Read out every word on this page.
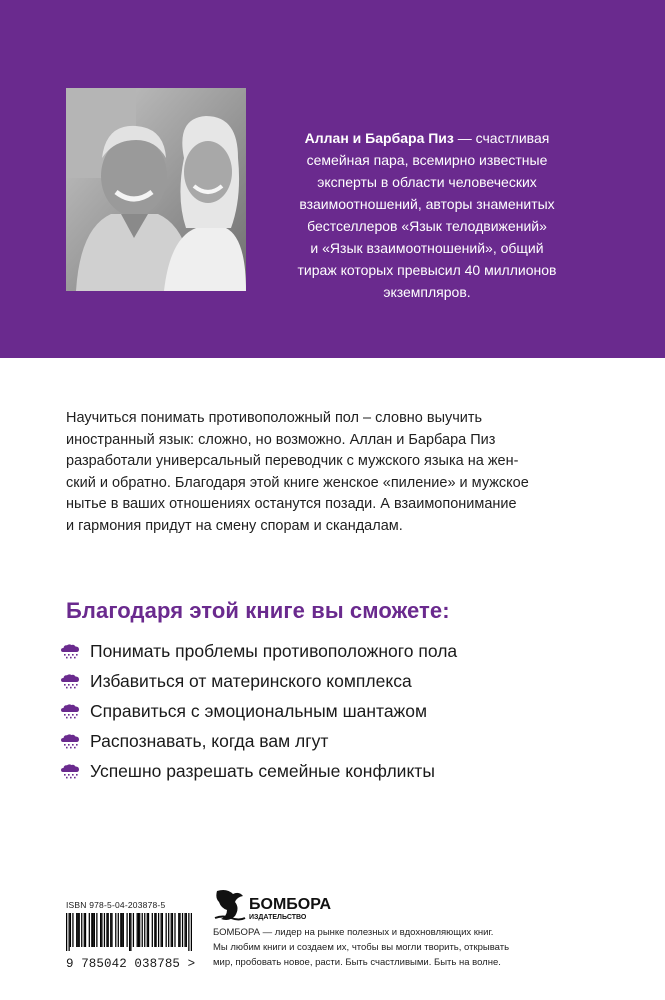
Аллан и Барбара Пиз — счастливая
семейная пара, всемирно известные
эксперты в области человеческих
взаимоотношений, авторы знаменитых
бестселлеров «Язык телодвижений»
и «Язык взаимоотношений», общий
тираж которых превысил 40 миллионов
экземпляров.

Научиться понимать противоположный пол – словно выучить
иностранный язык: сложно, но возможно. Аллан и Барбара Пиз
разработали универсальный переводчик с мужского языка на жен-
ский и обратно. Благодаря этой книге женское «пиление» и мужское
нытье в ваших отношениях останутся позади. А взаимопонимание
и гармония придут на смену спорам и скандалам.

Благодаря этой книге вы сможете:
Понимать проблемы противоположного пола
Избавиться от материнского комплекса
Справиться с эмоциональным шантажом
Распознавать, когда вам лгут
Успешно разрешать семейные конфликты
ISBN 978-5-04-203878-5
9 785042 038785 >
БОМБОРА
ИЗДАТЕЛЬСТВО

БОМБОРА — лидер на рынке полезных и вдохновляющих книг.
Мы любим книги и создаем их, чтобы вы могли творить, открывать
мир, пробовать новое, расти. Быть счастливыми. Быть на волне.
